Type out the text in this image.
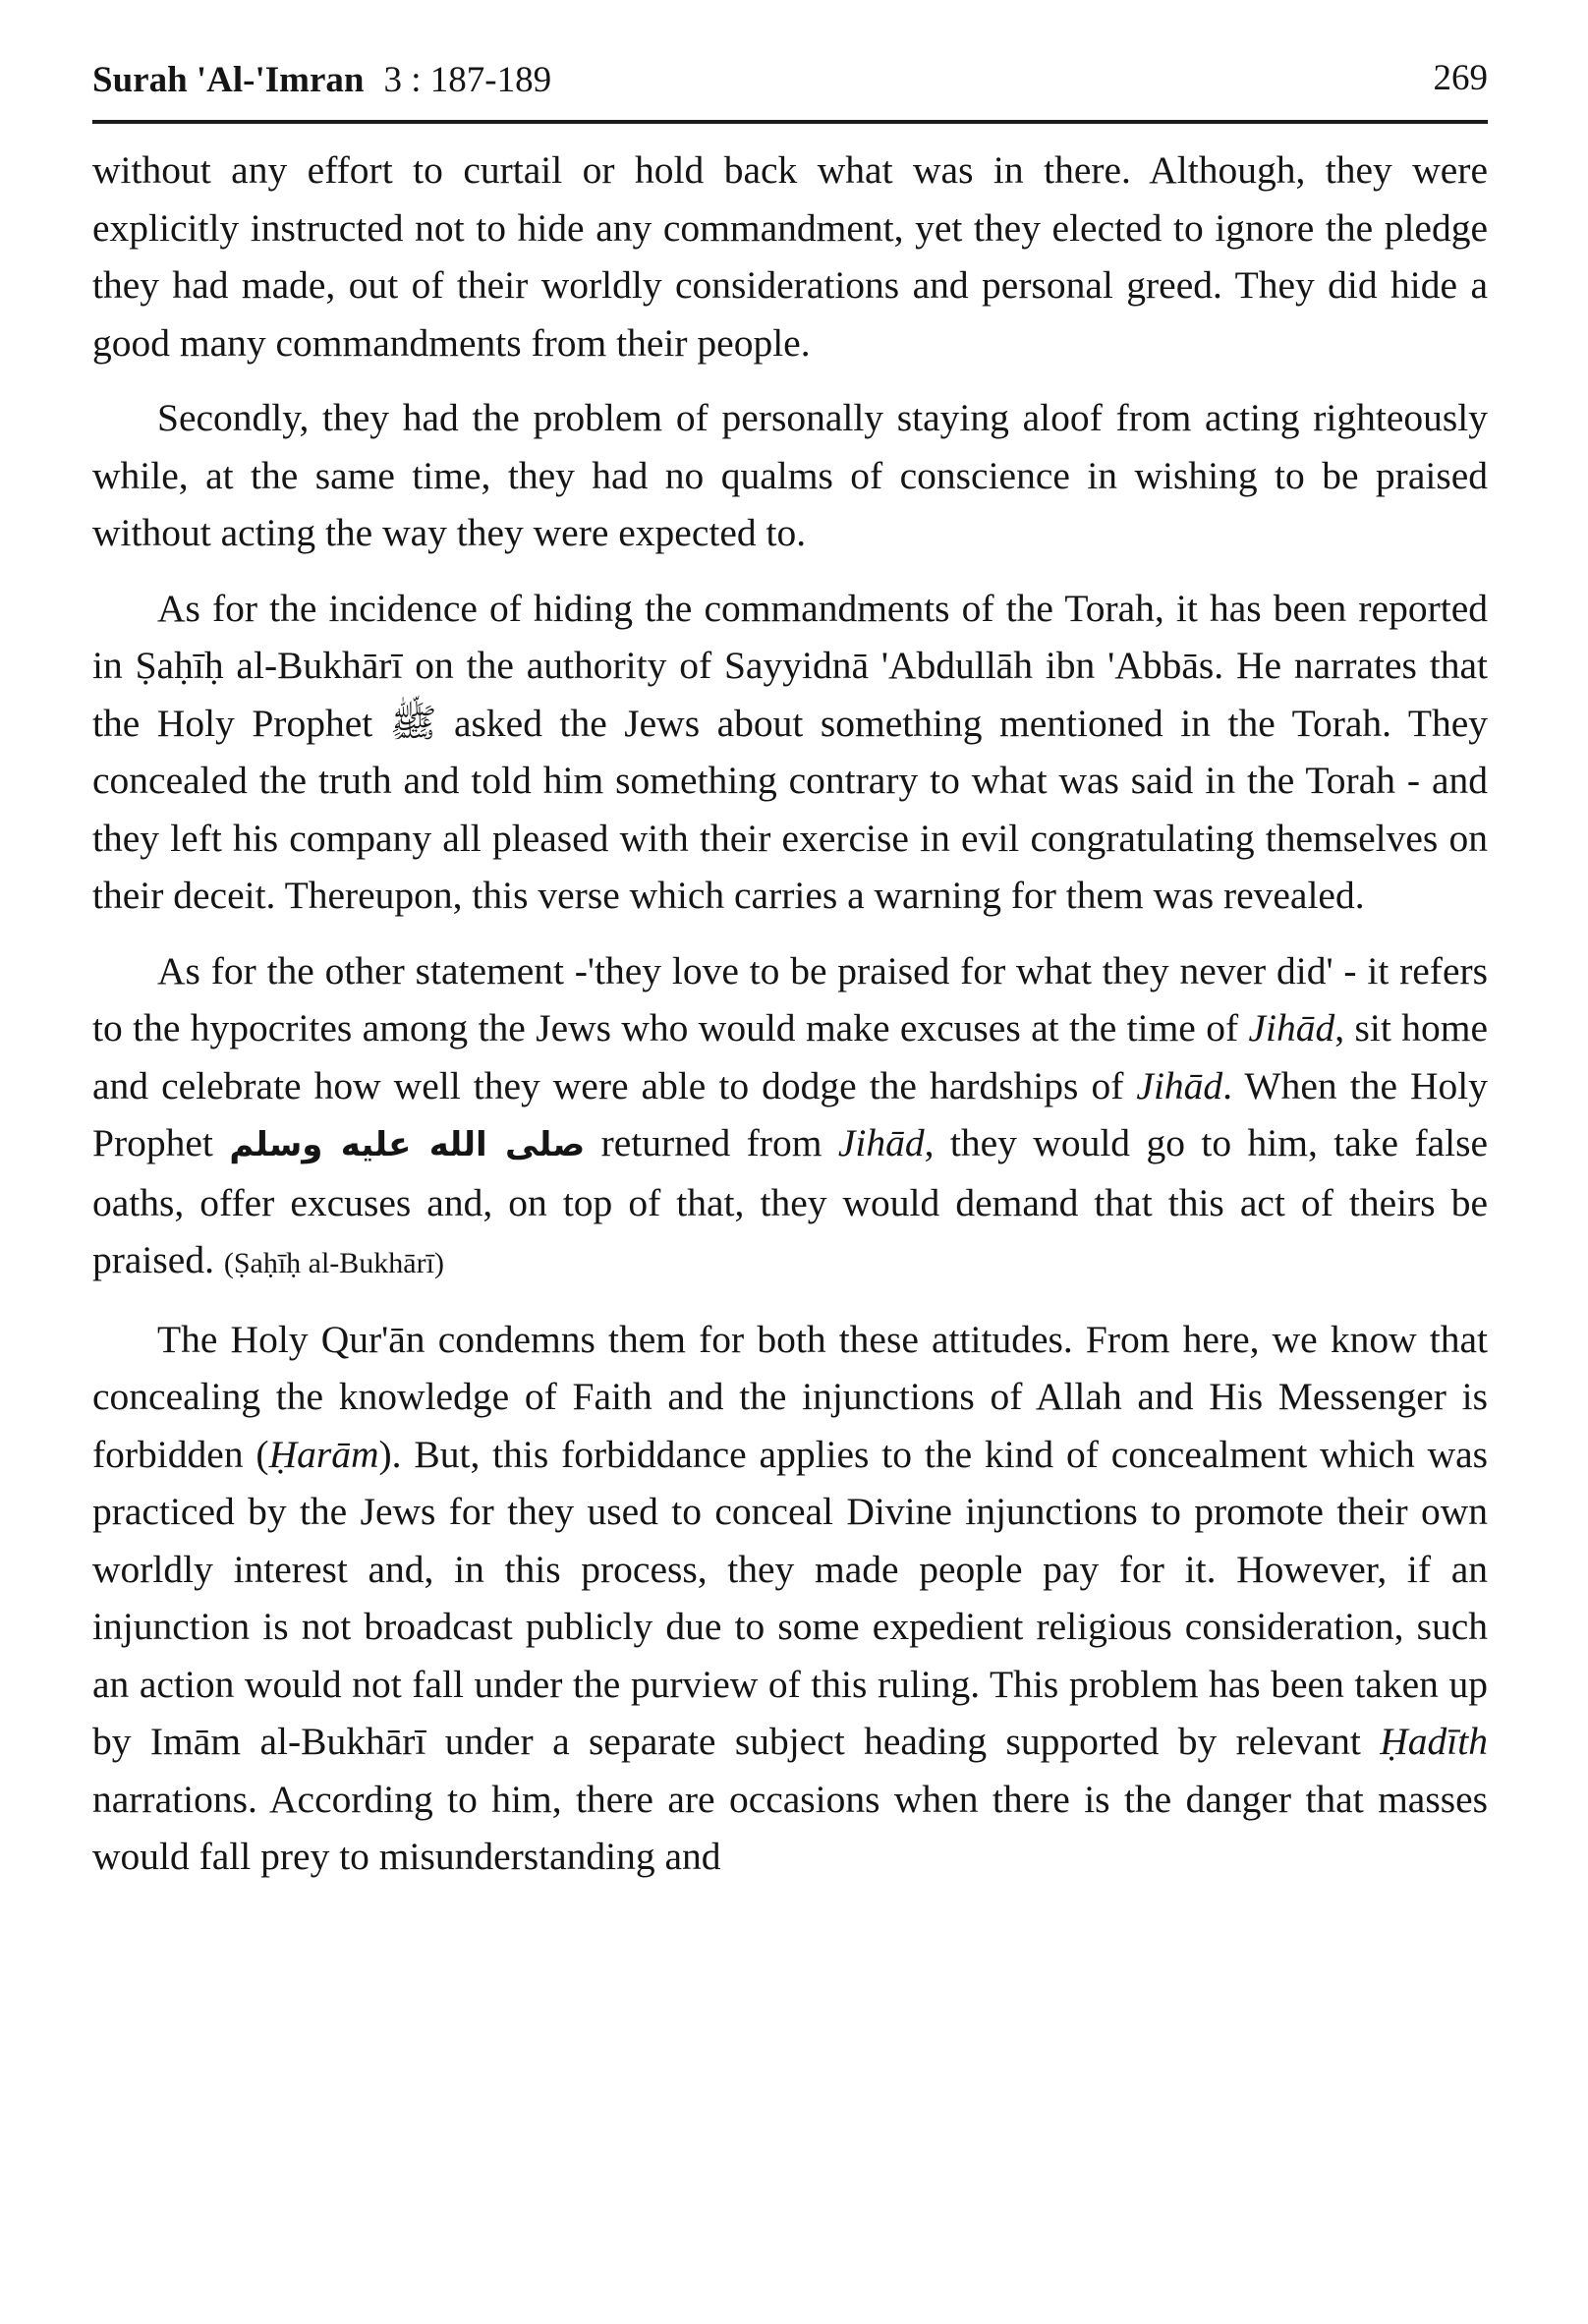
Surah 'Al-'Imran 3 : 187-189	269

without any effort to curtail or hold back what was in there. Although, they were explicitly instructed not to hide any commandment, yet they elected to ignore the pledge they had made, out of their worldly considerations and personal greed. They did hide a good many commandments from their people.

Secondly, they had the problem of personally staying aloof from acting righteously while, at the same time, they had no qualms of conscience in wishing to be praised without acting the way they were expected to.

As for the incidence of hiding the commandments of the Torah, it has been reported in Ṣaḥīḥ al-Bukhārī on the authority of Sayyidnā 'Abdullāh ibn 'Abbās. He narrates that the Holy Prophet ﷺ asked the Jews about something mentioned in the Torah. They concealed the truth and told him something contrary to what was said in the Torah - and they left his company all pleased with their exercise in evil congratulating themselves on their deceit. Thereupon, this verse which carries a warning for them was revealed.

As for the other statement -'they love to be praised for what they never did' - it refers to the hypocrites among the Jews who would make excuses at the time of Jihād, sit home and celebrate how well they were able to dodge the hardships of Jihād. When the Holy Prophet صلى الله عليه وسلم returned from Jihād, they would go to him, take false oaths, offer excuses and, on top of that, they would demand that this act of theirs be praised. (Ṣaḥīḥ al-Bukhārī)

The Holy Qur'ān condemns them for both these attitudes. From here, we know that concealing the knowledge of Faith and the injunctions of Allah and His Messenger is forbidden (Ḥarām). But, this forbiddance applies to the kind of concealment which was practiced by the Jews for they used to conceal Divine injunctions to promote their own worldly interest and, in this process, they made people pay for it. However, if an injunction is not broadcast publicly due to some expedient religious consideration, such an action would not fall under the purview of this ruling. This problem has been taken up by Imām al-Bukhārī under a separate subject heading supported by relevant Ḥadīth narrations. According to him, there are occasions when there is the danger that masses would fall prey to misunderstanding and
